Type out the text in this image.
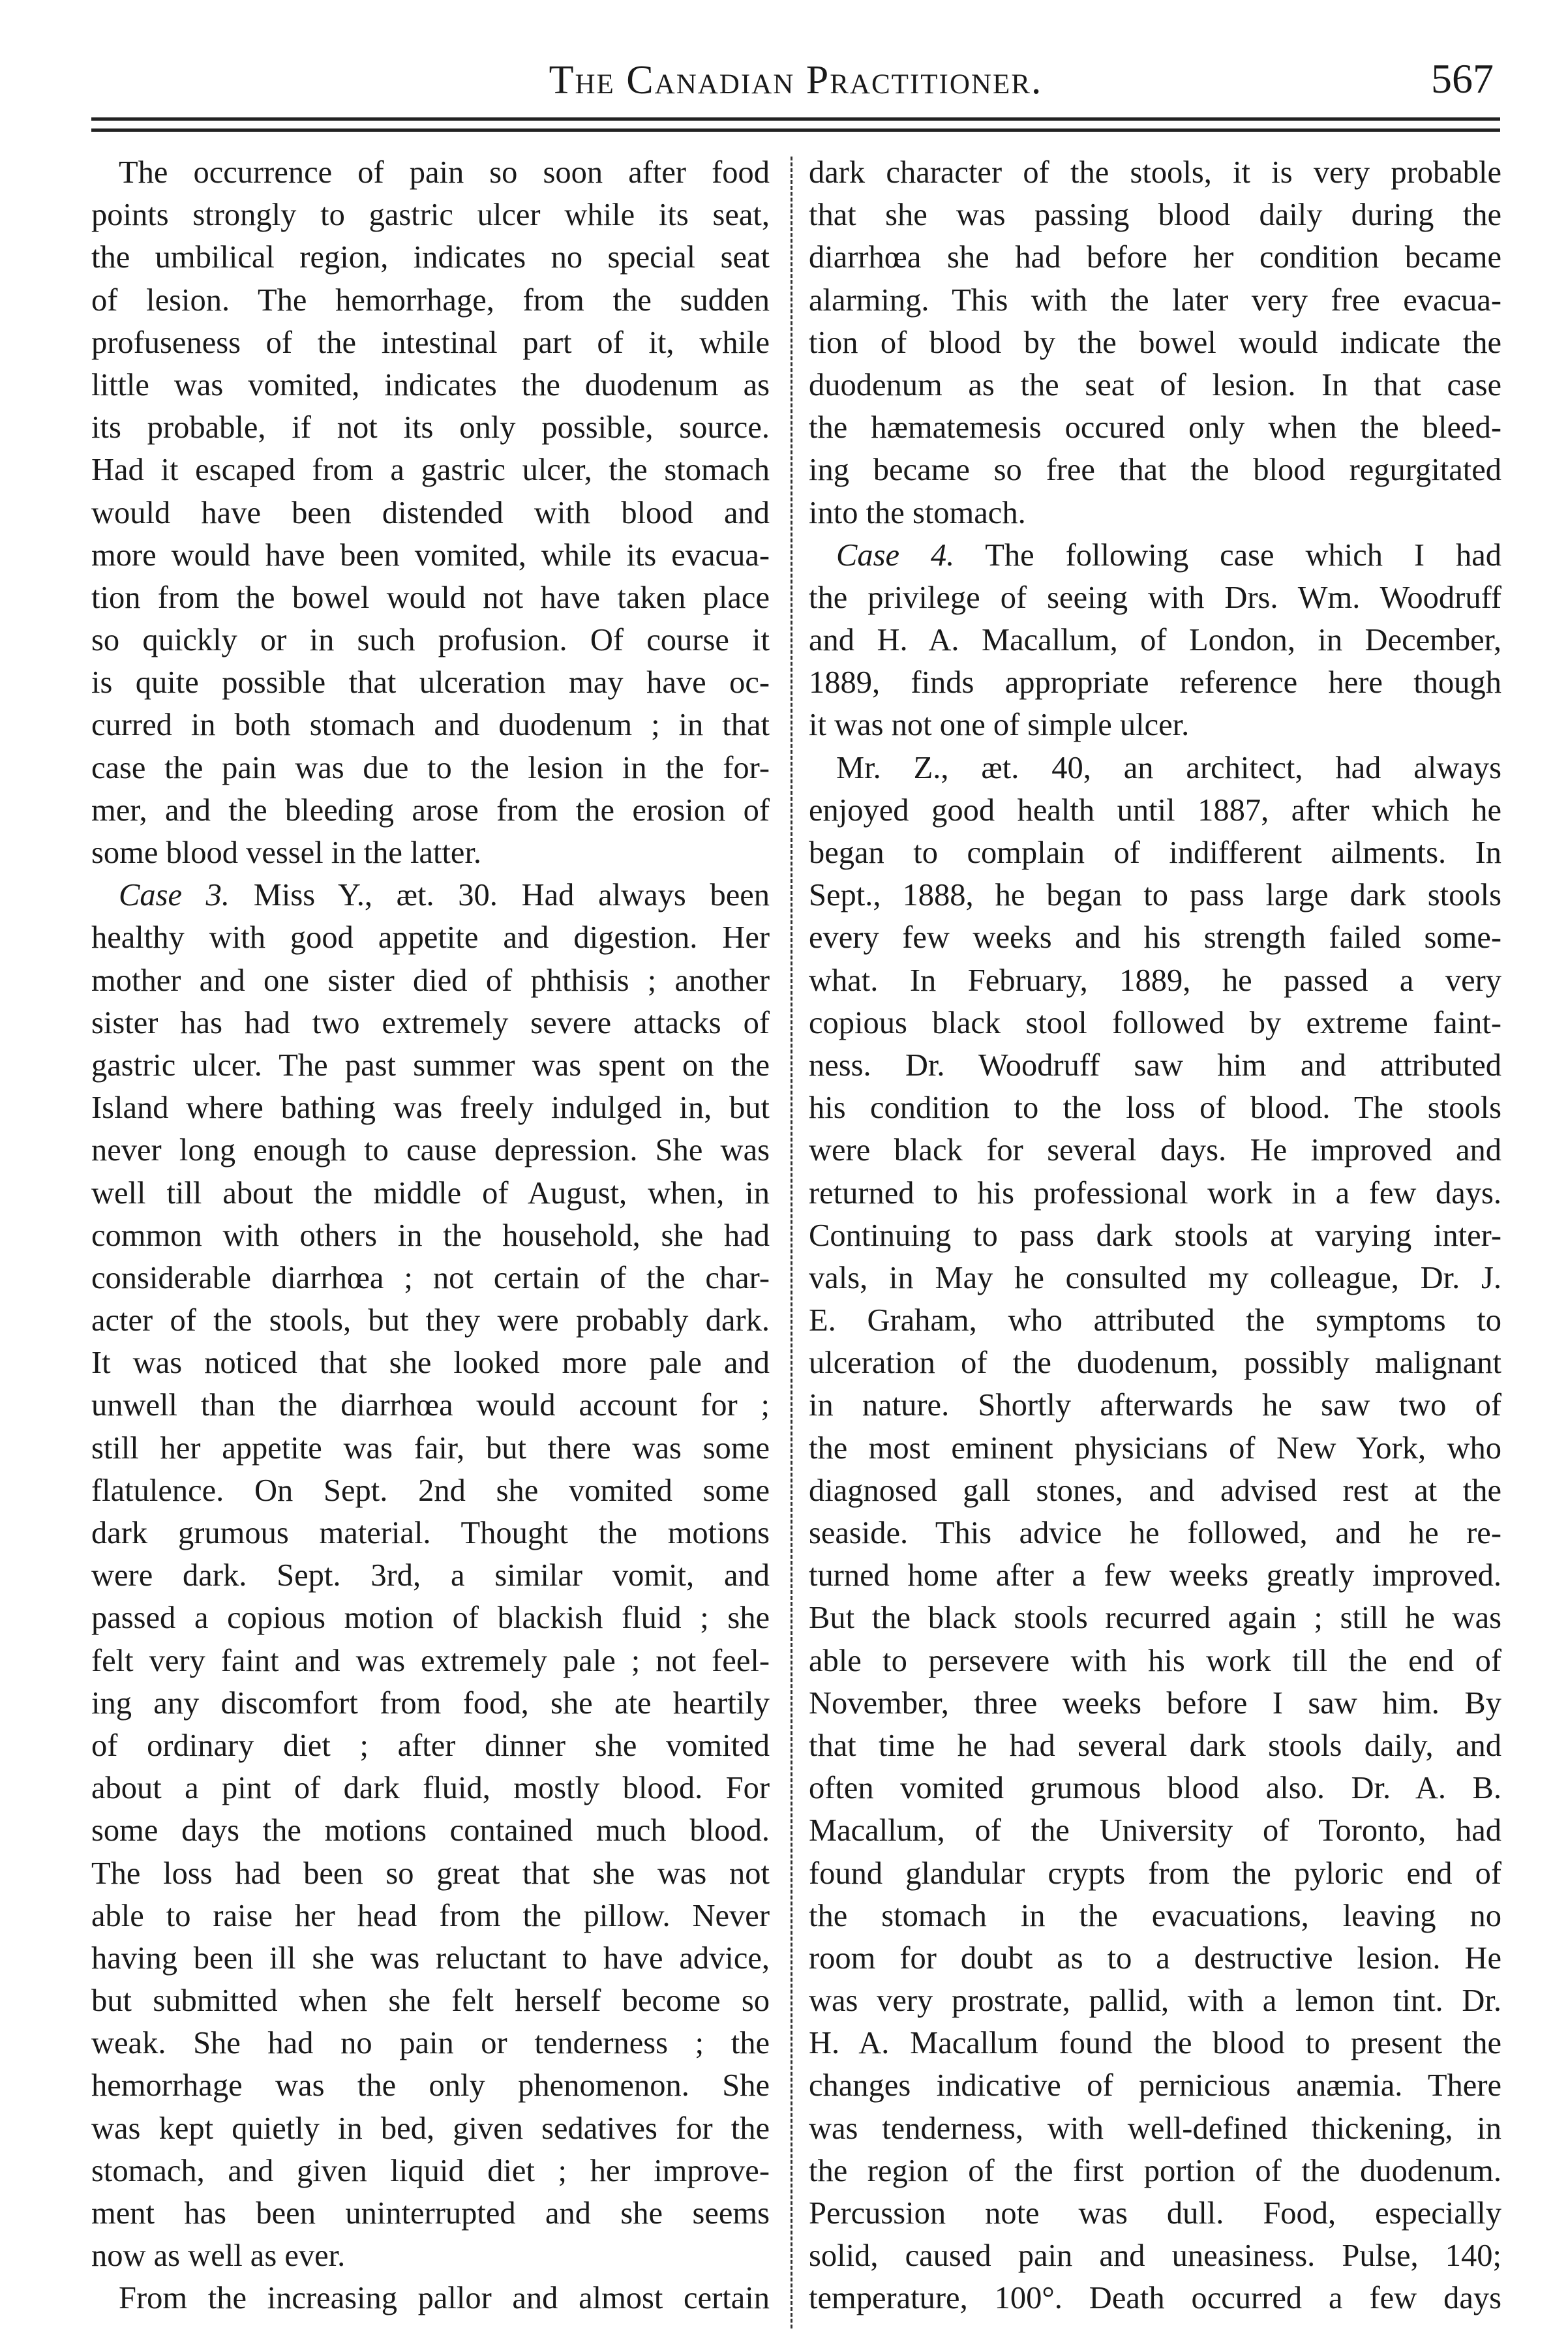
The Canadian Practitioner.	567
The occurrence of pain so soon after food
points strongly to gastric ulcer while its seat,
the umbilical region, indicates no special seat
of lesion. The hemorrhage, from the sudden
profuseness of the intestinal part of it, while
little was vomited, indicates the duodenum as
its probable, if not its only possible, source.
Had it escaped from a gastric ulcer, the stomach
would have been distended with blood and
more would have been vomited, while its evacua-
tion from the bowel would not have taken place
so quickly or in such profusion. Of course it
is quite possible that ulceration may have oc-
curred in both stomach and duodenum ; in that
case the pain was due to the lesion in the for-
mer, and the bleeding arose from the erosion of
some blood vessel in the latter.
Case 3. Miss Y., æt. 30. Had always been
healthy with good appetite and digestion. Her
mother and one sister died of phthisis ; another
sister has had two extremely severe attacks of
gastric ulcer. The past summer was spent on the
Island where bathing was freely indulged in, but
never long enough to cause depression. She was
well till about the middle of August, when, in
common with others in the household, she had
considerable diarrhœa ; not certain of the char-
acter of the stools, but they were probably dark.
It was noticed that she looked more pale and
unwell than the diarrhœa would account for ;
still her appetite was fair, but there was some
flatulence. On Sept. 2nd she vomited some
dark grumous material. Thought the motions
were dark. Sept. 3rd, a similar vomit, and
passed a copious motion of blackish fluid ; she
felt very faint and was extremely pale ; not feel-
ing any discomfort from food, she ate heartily
of ordinary diet ; after dinner she vomited
about a pint of dark fluid, mostly blood. For
some days the motions contained much blood.
The loss had been so great that she was not
able to raise her head from the pillow. Never
having been ill she was reluctant to have advice,
but submitted when she felt herself become so
weak. She had no pain or tenderness ; the
hemorrhage was the only phenomenon. She
was kept quietly in bed, given sedatives for the
stomach, and given liquid diet ; her improve-
ment has been uninterrupted and she seems
now as well as ever.
From the increasing pallor and almost certain
dark character of the stools, it is very probable
that she was passing blood daily during the
diarrhœa she had before her condition became
alarming. This with the later very free evacua-
tion of blood by the bowel would indicate the
duodenum as the seat of lesion. In that case
the hæmatemesis occured only when the bleed-
ing became so free that the blood regurgitated
into the stomach.
Case 4. The following case which I had
the privilege of seeing with Drs. Wm. Woodruff
and H. A. Macallum, of London, in December,
1889, finds appropriate reference here though
it was not one of simple ulcer.
Mr. Z., æt. 40, an architect, had always
enjoyed good health until 1887, after which he
began to complain of indifferent ailments. In
Sept., 1888, he began to pass large dark stools
every few weeks and his strength failed some-
what. In February, 1889, he passed a very
copious black stool followed by extreme faint-
ness. Dr. Woodruff saw him and attributed
his condition to the loss of blood. The stools
were black for several days. He improved and
returned to his professional work in a few days.
Continuing to pass dark stools at varying inter-
vals, in May he consulted my colleague, Dr. J.
E. Graham, who attributed the symptoms to
ulceration of the duodenum, possibly malignant
in nature. Shortly afterwards he saw two of
the most eminent physicians of New York, who
diagnosed gall stones, and advised rest at the
seaside. This advice he followed, and he re-
turned home after a few weeks greatly improved.
But the black stools recurred again ; still he was
able to persevere with his work till the end of
November, three weeks before I saw him. By
that time he had several dark stools daily, and
often vomited grumous blood also. Dr. A. B.
Macallum, of the University of Toronto, had
found glandular crypts from the pyloric end of
the stomach in the evacuations, leaving no
room for doubt as to a destructive lesion. He
was very prostrate, pallid, with a lemon tint. Dr.
H. A. Macallum found the blood to present the
changes indicative of pernicious anæmia. There
was tenderness, with well-defined thickening, in
the region of the first portion of the duodenum.
Percussion note was dull. Food, especially
solid, caused pain and uneasiness. Pulse, 140;
temperature, 100°. Death occurred a few days
